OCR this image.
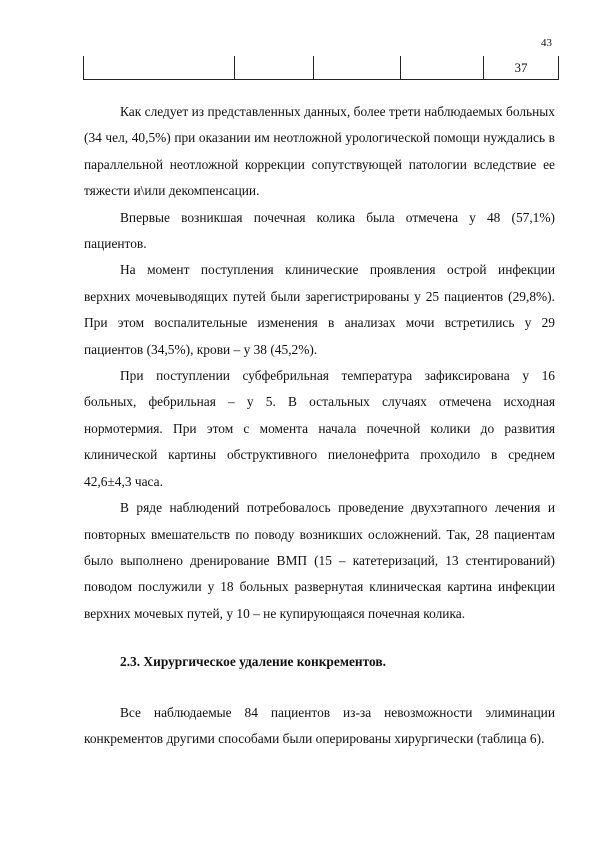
43
				37

Как следует из представленных данных, более трети наблюдаемых больных (34 чел, 40,5%) при оказании им неотложной урологической помощи нуждались в параллельной неотложной коррекции сопутствующей патологии вследствие ее тяжести и\или декомпенсации.

Впервые возникшая почечная колика была отмечена у 48 (57,1%) пациентов.

На момент поступления клинические проявления острой инфекции верхних мочевыводящих путей были зарегистрированы у 25 пациентов (29,8%). При этом воспалительные изменения в анализах мочи встретились у 29 пациентов (34,5%), крови – у 38 (45,2%).

При поступлении субфебрильная температура зафиксирована у 16 больных, фебрильная – у 5. В остальных случаях отмечена исходная нормотермия. При этом с момента начала почечной колики до развития клинической картины обструктивного пиелонефрита проходило в среднем 42,6±4,3 часа.

В ряде наблюдений потребовалось проведение двухэтапного лечения и повторных вмешательств по поводу возникших осложнений. Так, 28 пациентам было выполнено дренирование ВМП (15 – катетеризаций, 13 стентирований) поводом послужили у 18 больных развернутая клиническая картина инфекции верхних мочевых путей, у 10 – не купирующаяся почечная колика.

2.3. Хирургическое удаление конкрементов.

Все наблюдаемые 84 пациентов из-за невозможности элиминации конкрементов другими способами были оперированы хирургически (таблица 6).
